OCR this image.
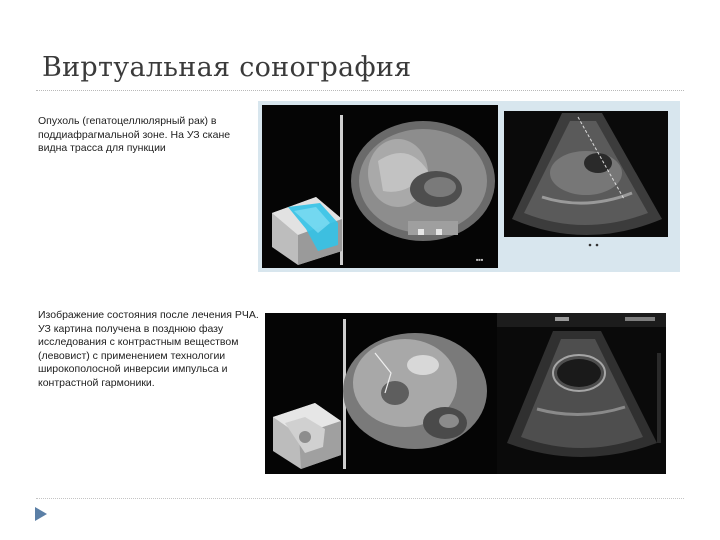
Виртуальная сонография
Опухоль (гепатоцеллюлярный рак) в поддиафрагмальной зоне. На УЗ скане видна трасса для пункции
■■■
Изображение состояния после лечения РЧА. УЗ картина получена в позднюю фазу исследования с контрастным веществом (левовист) с применением технологии широкополосной инверсии импульса и контрастной гармоники.
